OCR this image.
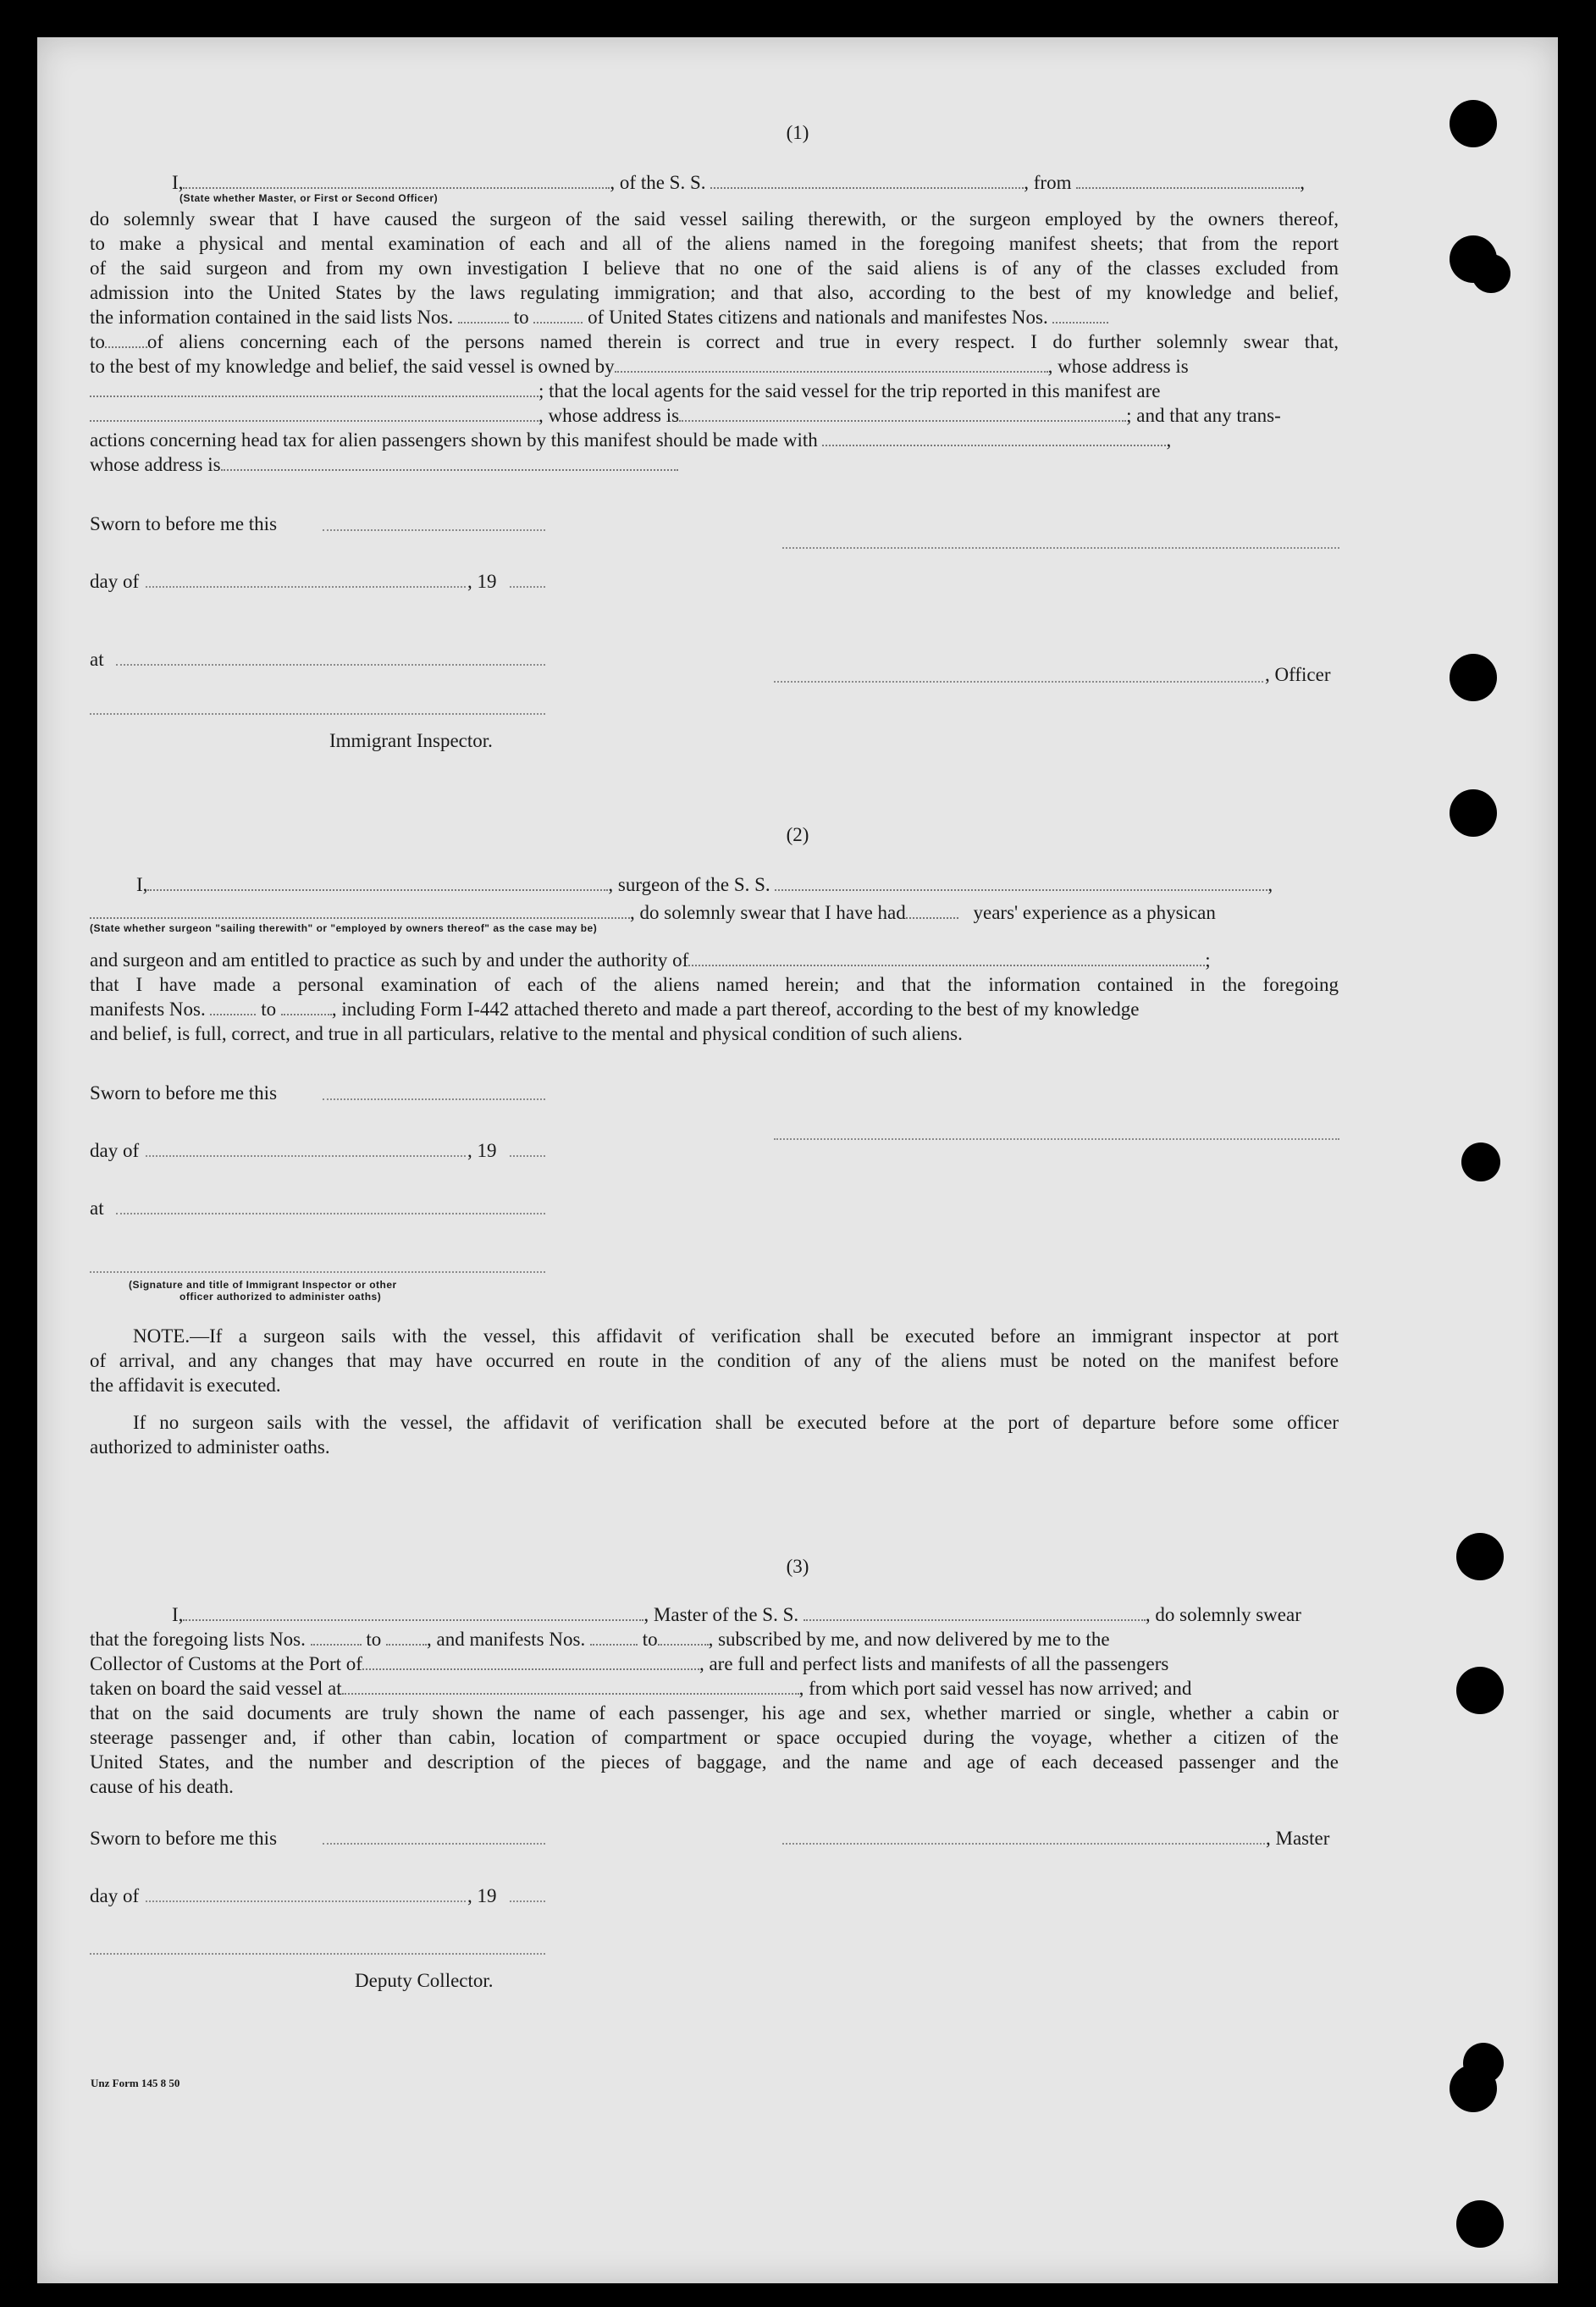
(1)
I,	, of the S. S.	, from	,
(State whether Master, or First or Second Officer)
do solemnly swear that I have caused the surgeon of the said vessel sailing therewith, or the surgeon employed by the owners thereof,
to make a physical and mental examination of each and all of the aliens named in the foregoing manifest sheets; that from the report
of the said surgeon and from my own investigation I believe that no one of the said aliens is of any of the classes excluded from
admission into the United States by the laws regulating immigration; and that also, according to the best of my knowledge and belief,
the information contained in the said lists Nos.	to	of United States citizens and nationals and manifestes Nos.
to of aliens concerning each of the persons named therein is correct and true in every respect. I do further solemnly swear that,
to the best of my knowledge and belief, the said vessel is owned by	, whose address is
; that the local agents for the said vessel for the trip reported in this manifest are
, whose address is	; and that any trans-
actions concerning head tax for alien passengers shown by this manifest should be made with	,
whose address is
Sworn to before me this
day of	, 19
at
, Officer
Immigrant Inspector.
(2)
I,	, surgeon of the S. S.	,
, do solemnly swear that I have had	years' experience as a physican
(State whether surgeon "sailing therewith" or "employed by owners thereof" as the case may be)
and surgeon and am entitled to practice as such by and under the authority of	;
that I have made a personal examination of each of the aliens named herein; and that the information contained in the foregoing
manifests Nos.	to	, including Form I-442 attached thereto and made a part thereof, according to the best of my knowledge
and belief, is full, correct, and true in all particulars, relative to the mental and physical condition of such aliens.
Sworn to before me this
day of	, 19
at
(Signature and title of Immigrant Inspector or other
officer authorized to administer oaths)
NOTE.—If a surgeon sails with the vessel, this affidavit of verification shall be executed before an immigrant inspector at port
of arrival, and any changes that may have occurred en route in the condition of any of the aliens must be noted on the manifest before
the affidavit is executed.
If no surgeon sails with the vessel, the affidavit of verification shall be executed before at the port of departure before some officer
authorized to administer oaths.
(3)
I,	, Master of the S. S.	, do solemnly swear
that the foregoing lists Nos.	to , and manifests Nos.	to	, subscribed by me, and now delivered by me to the
Collector of Customs at the Port of	, are full and perfect lists and manifests of all the passengers
taken on board the said vessel at	, from which port said vessel has now arrived; and
that on the said documents are truly shown the name of each passenger, his age and sex, whether married or single, whether a cabin or
steerage passenger and, if other than cabin, location of compartment or space occupied during the voyage, whether a citizen of the
United States, and the number and description of the pieces of baggage, and the name and age of each deceased passenger and the
cause of his death.
Sworn to before me this	, Master
day of	, 19
Deputy Collector.
Unz Form 145 8 50
